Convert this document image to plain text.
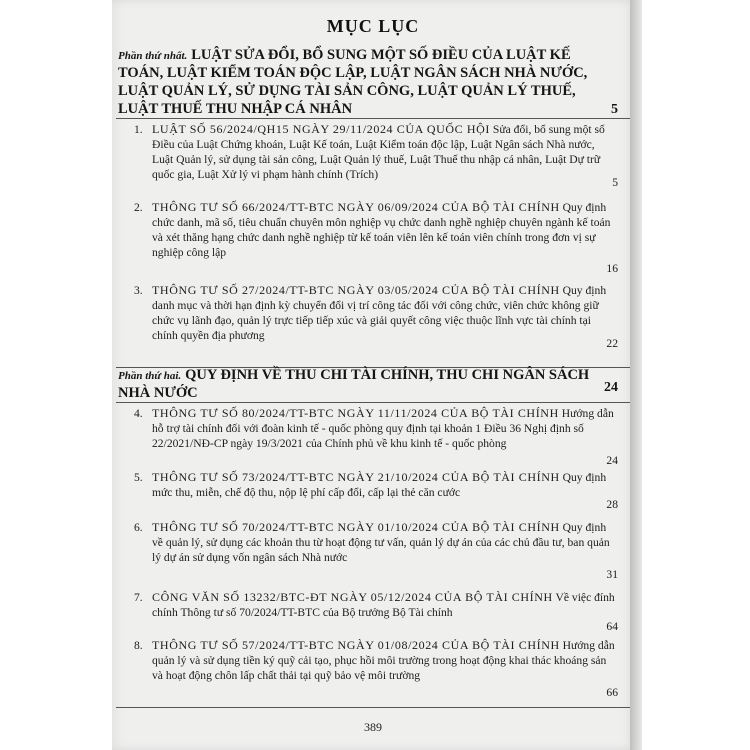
MỤC LỤC
Phần thứ nhất. LUẬT SỬA ĐỔI, BỔ SUNG MỘT SỐ ĐIỀU CỦA LUẬT KẾ TOÁN, LUẬT KIỂM TOÁN ĐỘC LẬP, LUẬT NGÂN SÁCH NHÀ NƯỚC, LUẬT QUẢN LÝ, SỬ DỤNG TÀI SẢN CÔNG, LUẬT QUẢN LÝ THUẾ, LUẬT THUẾ THU NHẬP CÁ NHÂN	5
1. LUẬT SỐ 56/2024/QH15 NGÀY 29/11/2024 CỦA QUỐC HỘI Sửa đổi, bổ sung một số Điều của Luật Chứng khoán, Luật Kế toán, Luật Kiểm toán độc lập, Luật Ngân sách Nhà nước, Luật Quản lý, sử dụng tài sản công, Luật Quản lý thuế, Luật Thuế thu nhập cá nhân, Luật Dự trữ quốc gia, Luật Xử lý vi phạm hành chính (Trích)
5
2. THÔNG TƯ SỐ 66/2024/TT-BTC NGÀY 06/09/2024 CỦA BỘ TÀI CHÍNH Quy định chức danh, mã số, tiêu chuẩn chuyên môn nghiệp vụ chức danh nghề nghiệp chuyên ngành kế toán và xét thăng hạng chức danh nghề nghiệp từ kế toán viên lên kế toán viên chính trong đơn vị sự nghiệp công lập
16
3. THÔNG TƯ SỐ 27/2024/TT-BTC NGÀY 03/05/2024 CỦA BỘ TÀI CHÍNH Quy định danh mục và thời hạn định kỳ chuyển đổi vị trí công tác đối với công chức, viên chức không giữ chức vụ lãnh đạo, quản lý trực tiếp tiếp xúc và giải quyết công việc thuộc lĩnh vực tài chính tại chính quyền địa phương
22
Phần thứ hai. QUY ĐỊNH VỀ THU CHI TÀI CHÍNH, THU CHI NGÂN SÁCH NHÀ NƯỚC	24
4. THÔNG TƯ SỐ 80/2024/TT-BTC NGÀY 11/11/2024 CỦA BỘ TÀI CHÍNH Hướng dẫn hỗ trợ tài chính đối với đoàn kinh tế - quốc phòng quy định tại khoản 1 Điều 36 Nghị định số 22/2021/NĐ-CP ngày 19/3/2021 của Chính phủ về khu kinh tế - quốc phòng
24
5. THÔNG TƯ SỐ 73/2024/TT-BTC NGÀY 21/10/2024 CỦA BỘ TÀI CHÍNH Quy định mức thu, miễn, chế độ thu, nộp lệ phí cấp đổi, cấp lại thẻ căn cước
28
6. THÔNG TƯ SỐ 70/2024/TT-BTC NGÀY 01/10/2024 CỦA BỘ TÀI CHÍNH Quy định về quản lý, sử dụng các khoản thu từ hoạt động tư vấn, quản lý dự án của các chủ đầu tư, ban quản lý dự án sử dụng vốn ngân sách Nhà nước
31
7. CÔNG VĂN SỐ 13232/BTC-ĐT NGÀY 05/12/2024 CỦA BỘ TÀI CHÍNH Về việc đính chính Thông tư số 70/2024/TT-BTC của Bộ trưởng Bộ Tài chính
64
8. THÔNG TƯ SỐ 57/2024/TT-BTC NGÀY 01/08/2024 CỦA BỘ TÀI CHÍNH Hướng dẫn quản lý và sử dụng tiền ký quỹ cải tạo, phục hồi môi trường trong hoạt động khai thác khoáng sản và hoạt động chôn lấp chất thải tại quỹ bảo vệ môi trường
66
389
